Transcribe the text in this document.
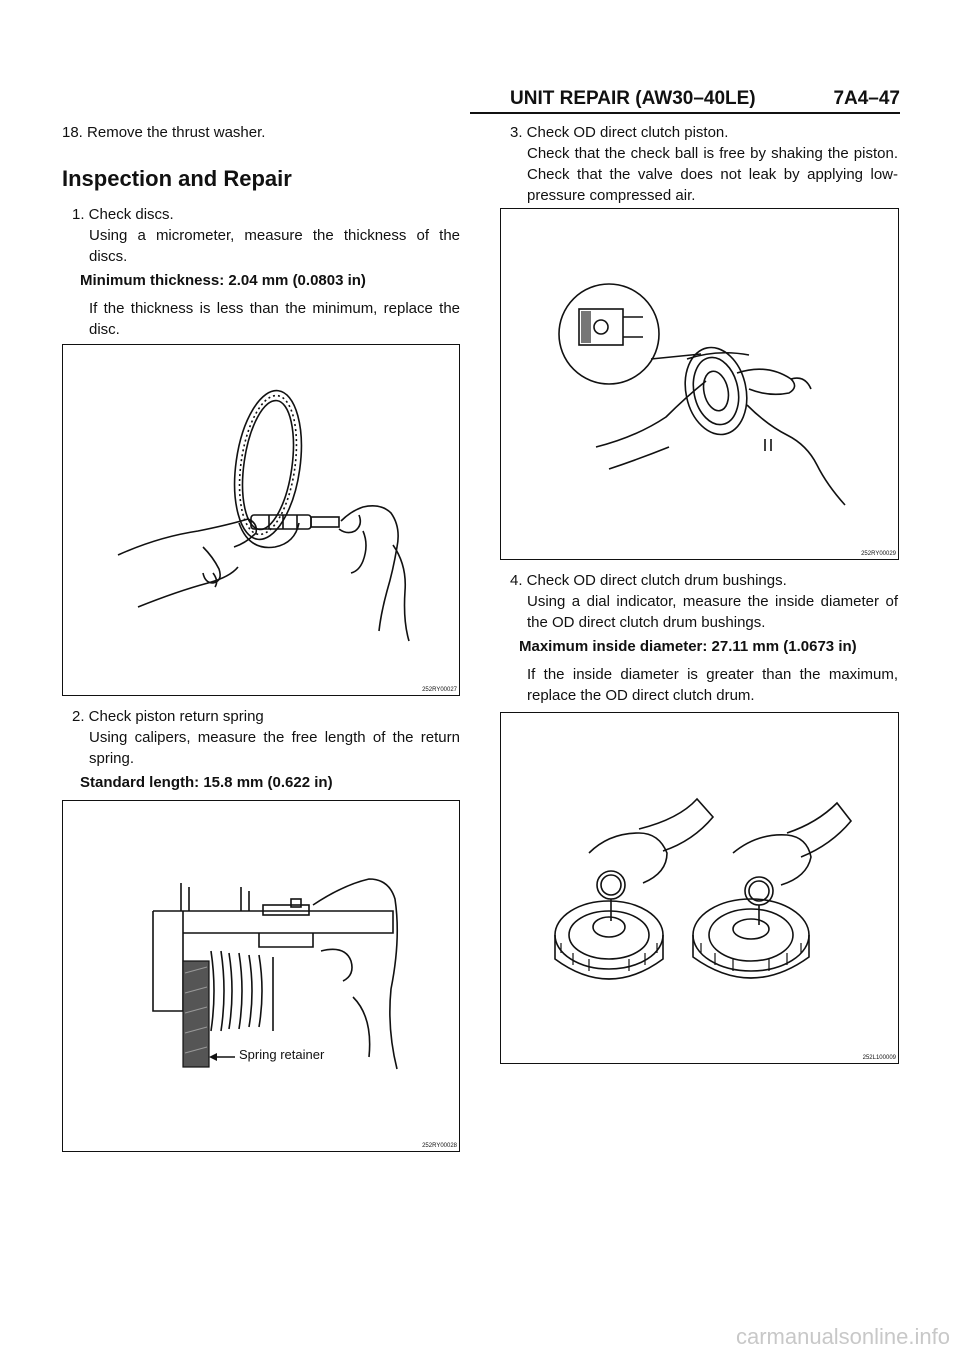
UNIT REPAIR (AW30–40LE)	7A4–47
18. Remove the thrust washer.
Inspection and Repair
1. Check discs.
Using a micrometer, measure the thickness of the discs.
Minimum thickness: 2.04 mm (0.0803 in)
If the thickness is less than the minimum, replace the disc.
252RY00027
2. Check piston return spring
Using calipers, measure the free length of the return spring.
Standard length: 15.8 mm (0.622 in)
Spring retainer
252RY00028
3. Check OD direct clutch piston.
Check that the check ball is free by shaking the piston. Check that the valve does not leak by applying low-pressure compressed air.
252RY00029
4. Check OD direct clutch drum bushings.
Using a dial indicator, measure the inside diameter of the OD direct clutch drum bushings.
Maximum inside diameter: 27.11 mm (1.0673 in)
If the inside diameter is greater than the maximum, replace the OD direct clutch drum.
252L100009
carmanualsonline.info
